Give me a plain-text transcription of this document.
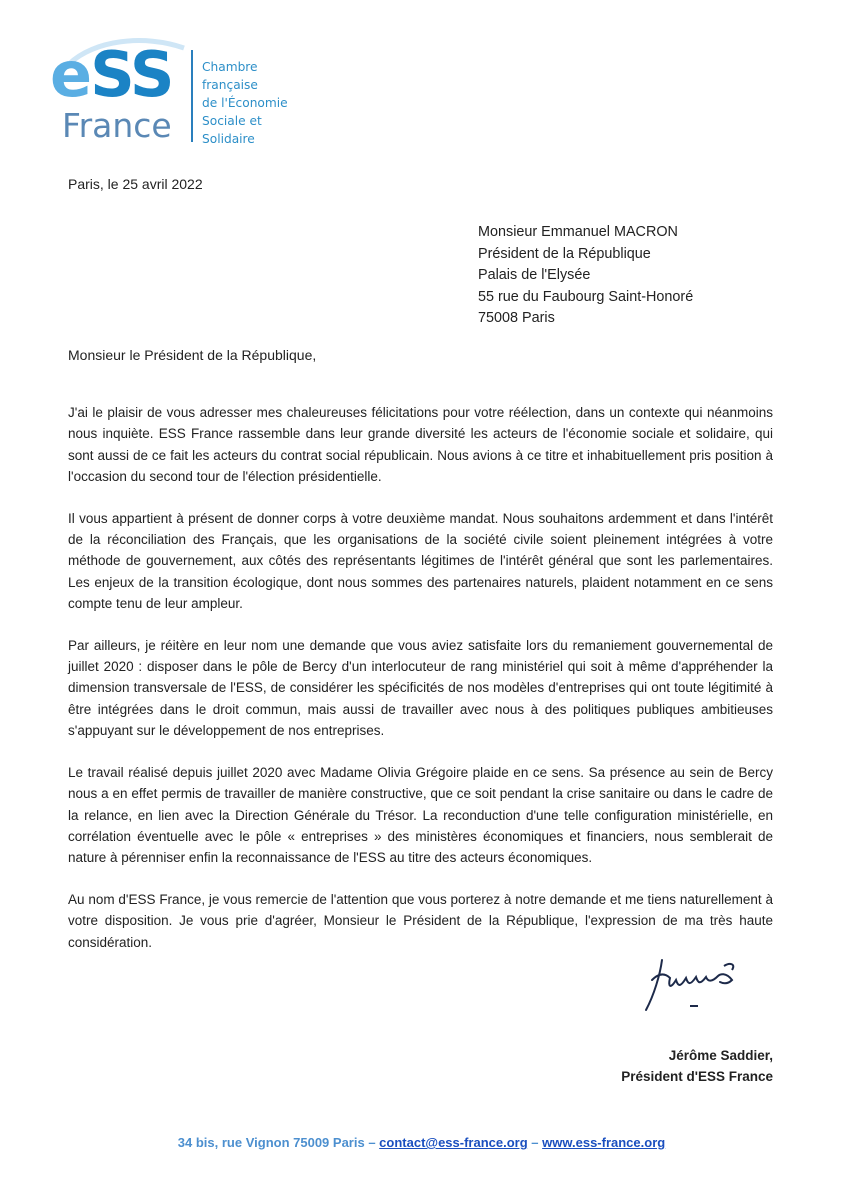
eSS
France
Chambre
française
de l'Économie
Sociale et
Solidaire
Paris, le 25 avril 2022
Monsieur Emmanuel MACRON
Président de la République
Palais de l'Elysée
55 rue du Faubourg Saint-Honoré
75008 Paris
Monsieur le Président de la République,

J'ai le plaisir de vous adresser mes chaleureuses félicitations pour votre réélection, dans un contexte qui néanmoins nous inquiète. ESS France rassemble dans leur grande diversité les acteurs de l'économie sociale et solidaire, qui sont aussi de ce fait les acteurs du contrat social républicain. Nous avions à ce titre et inhabituellement pris position à l'occasion du second tour de l'élection présidentielle.

Il vous appartient à présent de donner corps à votre deuxième mandat. Nous souhaitons ardemment et dans l'intérêt de la réconciliation des Français, que les organisations de la société civile soient pleinement intégrées à votre méthode de gouvernement, aux côtés des représentants légitimes de l'intérêt général que sont les parlementaires. Les enjeux de la transition écologique, dont nous sommes des partenaires naturels, plaident notamment en ce sens compte tenu de leur ampleur.

Par ailleurs, je réitère en leur nom une demande que vous aviez satisfaite lors du remaniement gouvernemental de juillet 2020 : disposer dans le pôle de Bercy d'un interlocuteur de rang ministériel qui soit à même d'appréhender la dimension transversale de l'ESS, de considérer les spécificités de nos modèles d'entreprises qui ont toute légitimité à être intégrées dans le droit commun, mais aussi de travailler avec nous à des politiques publiques ambitieuses s'appuyant sur le développement de nos entreprises.

Le travail réalisé depuis juillet 2020 avec Madame Olivia Grégoire plaide en ce sens. Sa présence au sein de Bercy nous a en effet permis de travailler de manière constructive, que ce soit pendant la crise sanitaire ou dans le cadre de la relance, en lien avec la Direction Générale du Trésor. La reconduction d'une telle configuration ministérielle, en corrélation éventuelle avec le pôle « entreprises » des ministères économiques et financiers, nous semblerait de nature à pérenniser enfin la reconnaissance de l'ESS au titre des acteurs économiques.

Au nom d'ESS France, je vous remercie de l'attention que vous porterez à notre demande et me tiens naturellement à votre disposition. Je vous prie d'agréer, Monsieur le Président de la République, l'expression de ma très haute considération.

Jérôme Saddier,
Président d'ESS France
34 bis, rue Vignon 75009 Paris – contact@ess-france.org – www.ess-france.org
